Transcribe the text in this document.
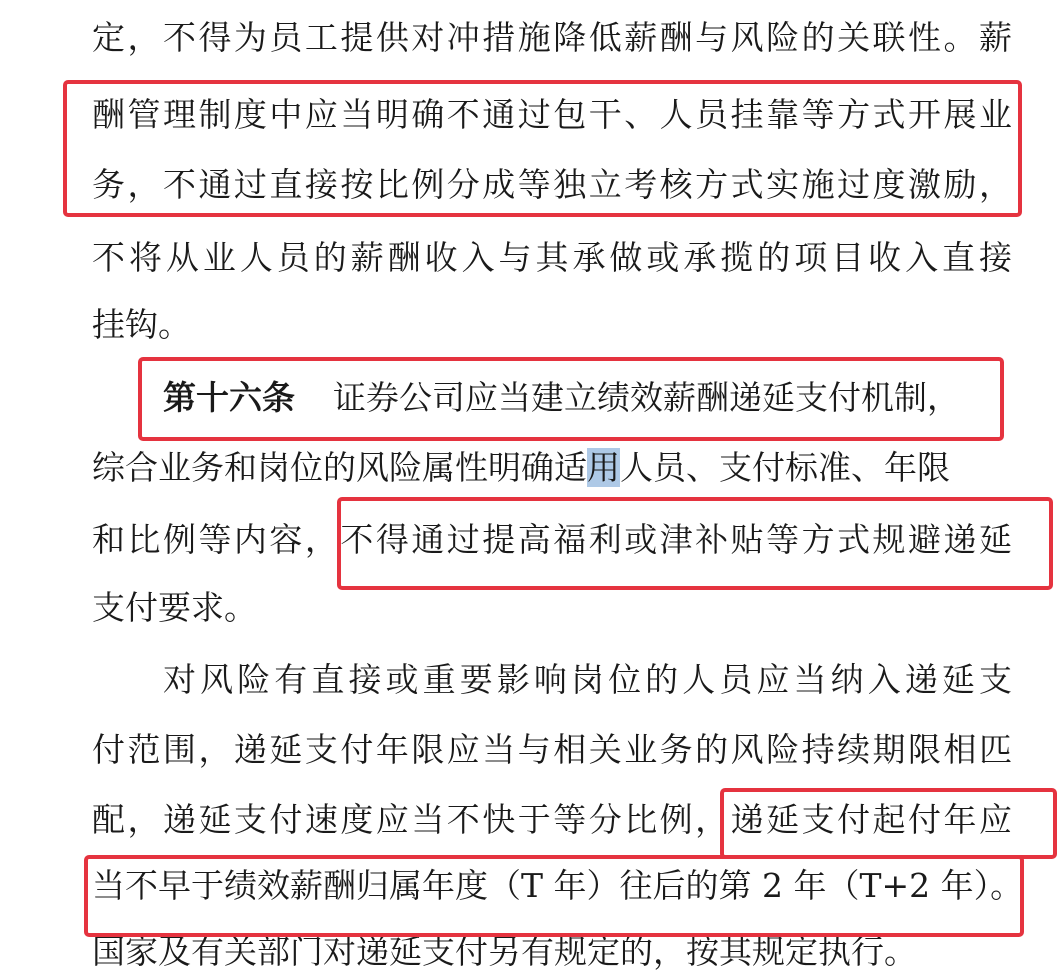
定，不得为员工提供对冲措施降低薪酬与风险的关联性。薪
酬管理制度中应当明确不通过包干、人员挂靠等方式开展业
务，不通过直接按比例分成等独立考核方式实施过度激励，
不将从业人员的薪酬收入与其承做或承揽的项目收入直接
挂钩。
第十六条 证券公司应当建立绩效薪酬递延支付机制，
综合业务和岗位的风险属性明确适用人员、支付标准、年限
和比例等内容，不得通过提高福利或津补贴等方式规避递延
支付要求。
对风险有直接或重要影响岗位的人员应当纳入递延支
付范围，递延支付年限应当与相关业务的风险持续期限相匹
配，递延支付速度应当不快于等分比例，递延支付起付年应
当不早于绩效薪酬归属年度（T 年）往后的第 2 年（T+2 年）。
国家及有关部门对递延支付另有规定的，按其规定执行。
